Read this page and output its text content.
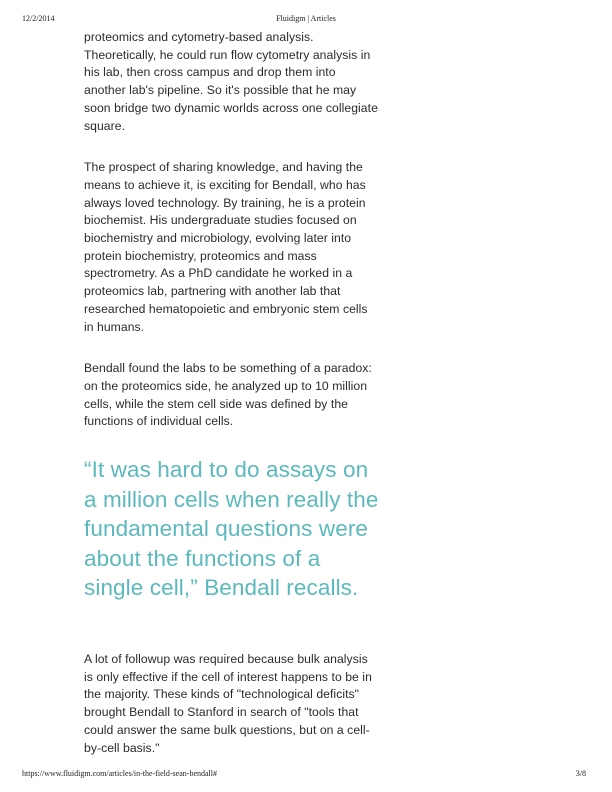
12/2/2014	Fluidigm | Articles

proteomics and cytometry-based analysis. Theoretically, he could run flow cytometry analysis in his lab, then cross campus and drop them into another lab's pipeline. So it's possible that he may soon bridge two dynamic worlds across one collegiate square.

The prospect of sharing knowledge, and having the means to achieve it, is exciting for Bendall, who has always loved technology. By training, he is a protein biochemist. His undergraduate studies focused on biochemistry and microbiology, evolving later into protein biochemistry, proteomics and mass spectrometry. As a PhD candidate he worked in a proteomics lab, partnering with another lab that researched hematopoietic and embryonic stem cells in humans.

Bendall found the labs to be something of a paradox: on the proteomics side, he analyzed up to 10 million cells, while the stem cell side was defined by the functions of individual cells.

“It was hard to do assays on a million cells when really the fundamental questions were about the functions of a single cell,” Bendall recalls.

A lot of followup was required because bulk analysis is only effective if the cell of interest happens to be in the majority. These kinds of "technological deficits" brought Bendall to Stanford in search of "tools that could answer the same bulk questions, but on a cell-by-cell basis."

https://www.fluidigm.com/articles/in-the-field-sean-bendall#	3/8
